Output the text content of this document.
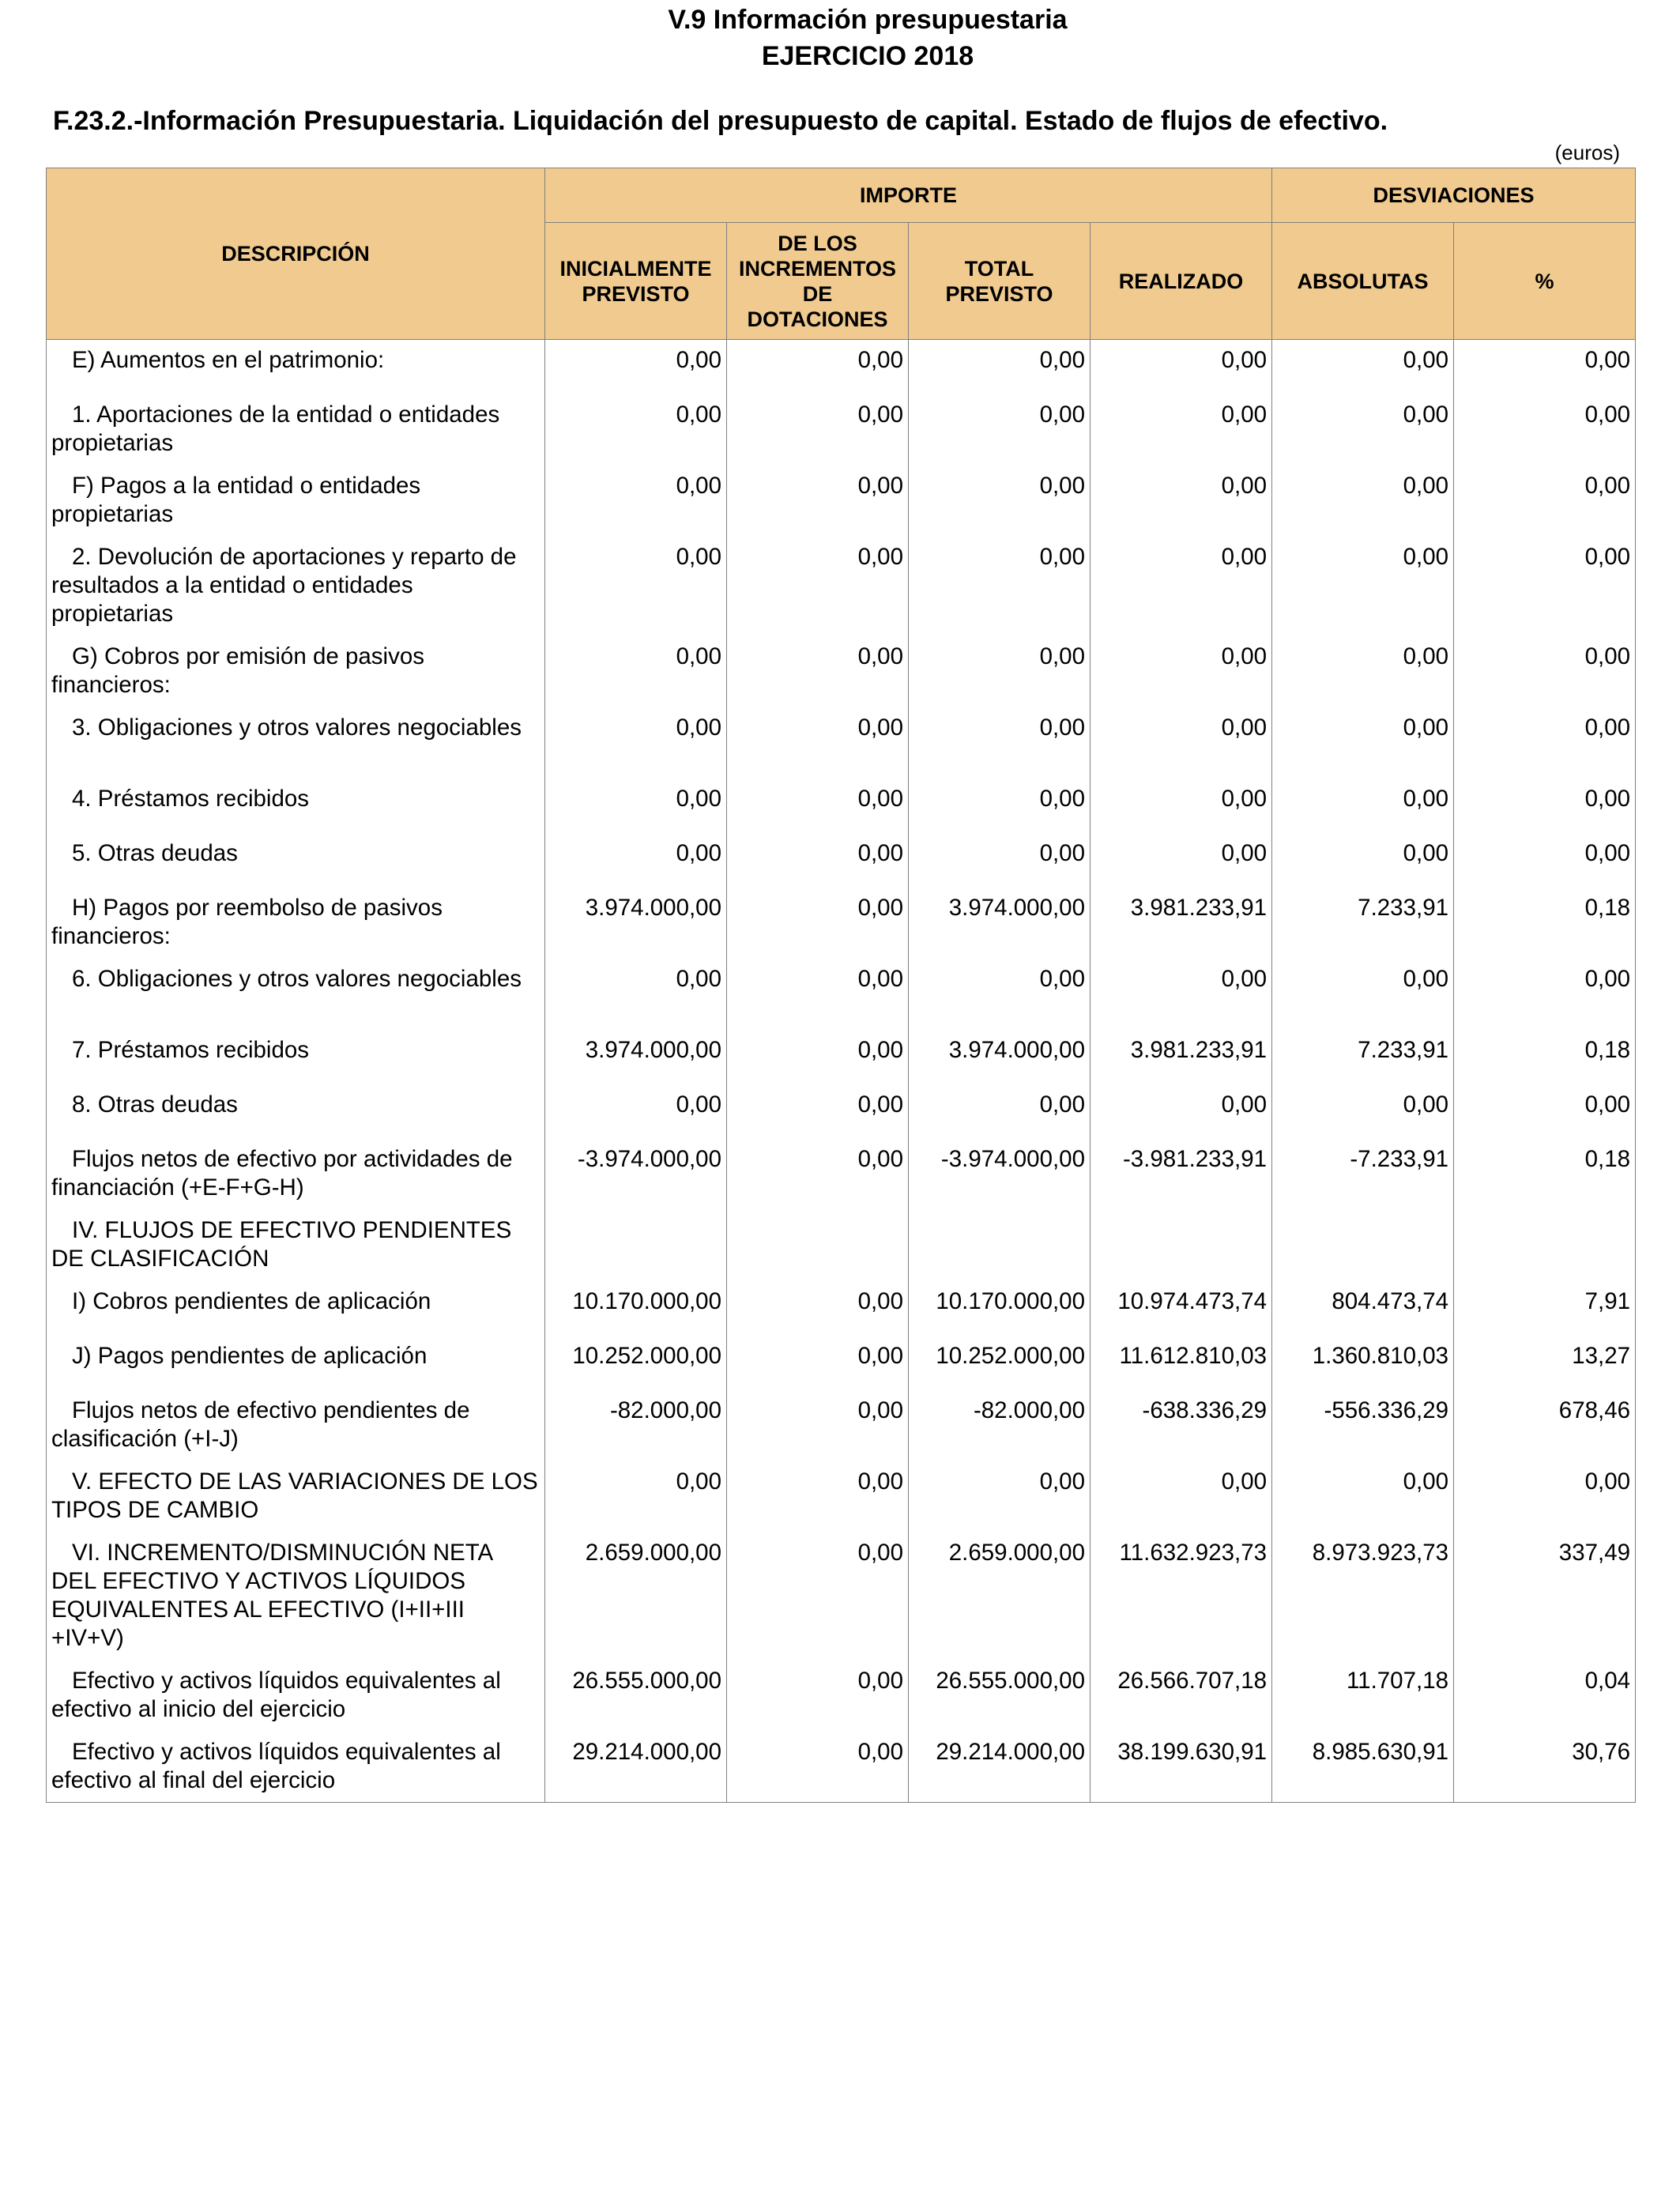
V.9 Información presupuestaria
EJERCICIO 2018
F.23.2.-Información Presupuestaria. Liquidación del presupuesto de capital. Estado de flujos de efectivo.
(euros)
DESCRIPCIÓN	IMPORTE				DESVIACIONES	
	INICIALMENTE PREVISTO	DE LOS INCREMENTOS DE DOTACIONES	TOTAL PREVISTO	REALIZADO	ABSOLUTAS	%
E) Aumentos en el patrimonio:	0,00	0,00	0,00	0,00	0,00	0,00
1. Aportaciones de la entidad o entidades propietarias	0,00	0,00	0,00	0,00	0,00	0,00
F) Pagos a la entidad o entidades propietarias	0,00	0,00	0,00	0,00	0,00	0,00
2. Devolución de aportaciones y reparto de resultados a la entidad o entidades propietarias	0,00	0,00	0,00	0,00	0,00	0,00
G) Cobros por emisión de pasivos financieros:	0,00	0,00	0,00	0,00	0,00	0,00
3. Obligaciones y otros valores negociables	0,00	0,00	0,00	0,00	0,00	0,00
4. Préstamos recibidos	0,00	0,00	0,00	0,00	0,00	0,00
5. Otras deudas	0,00	0,00	0,00	0,00	0,00	0,00
H) Pagos por reembolso de pasivos financieros:	3.974.000,00	0,00	3.974.000,00	3.981.233,91	7.233,91	0,18
6. Obligaciones y otros valores negociables	0,00	0,00	0,00	0,00	0,00	0,00
7. Préstamos recibidos	3.974.000,00	0,00	3.974.000,00	3.981.233,91	7.233,91	0,18
8. Otras deudas	0,00	0,00	0,00	0,00	0,00	0,00
Flujos netos de efectivo por actividades de financiación (+E-F+G-H)	-3.974.000,00	0,00	-3.974.000,00	-3.981.233,91	-7.233,91	0,18
IV. FLUJOS DE EFECTIVO PENDIENTES DE CLASIFICACIÓN						
I) Cobros pendientes de aplicación	10.170.000,00	0,00	10.170.000,00	10.974.473,74	804.473,74	7,91
J) Pagos pendientes de aplicación	10.252.000,00	0,00	10.252.000,00	11.612.810,03	1.360.810,03	13,27
Flujos netos de efectivo pendientes de clasificación (+I-J)	-82.000,00	0,00	-82.000,00	-638.336,29	-556.336,29	678,46
V. EFECTO DE LAS VARIACIONES DE LOS TIPOS DE CAMBIO	0,00	0,00	0,00	0,00	0,00	0,00
VI. INCREMENTO/DISMINUCIÓN NETA DEL EFECTIVO Y ACTIVOS LÍQUIDOS EQUIVALENTES AL EFECTIVO (I+II+III +IV+V)	2.659.000,00	0,00	2.659.000,00	11.632.923,73	8.973.923,73	337,49
Efectivo y activos líquidos equivalentes al efectivo al inicio del ejercicio	26.555.000,00	0,00	26.555.000,00	26.566.707,18	11.707,18	0,04
Efectivo y activos líquidos equivalentes al efectivo al final del ejercicio	29.214.000,00	0,00	29.214.000,00	38.199.630,91	8.985.630,91	30,76
